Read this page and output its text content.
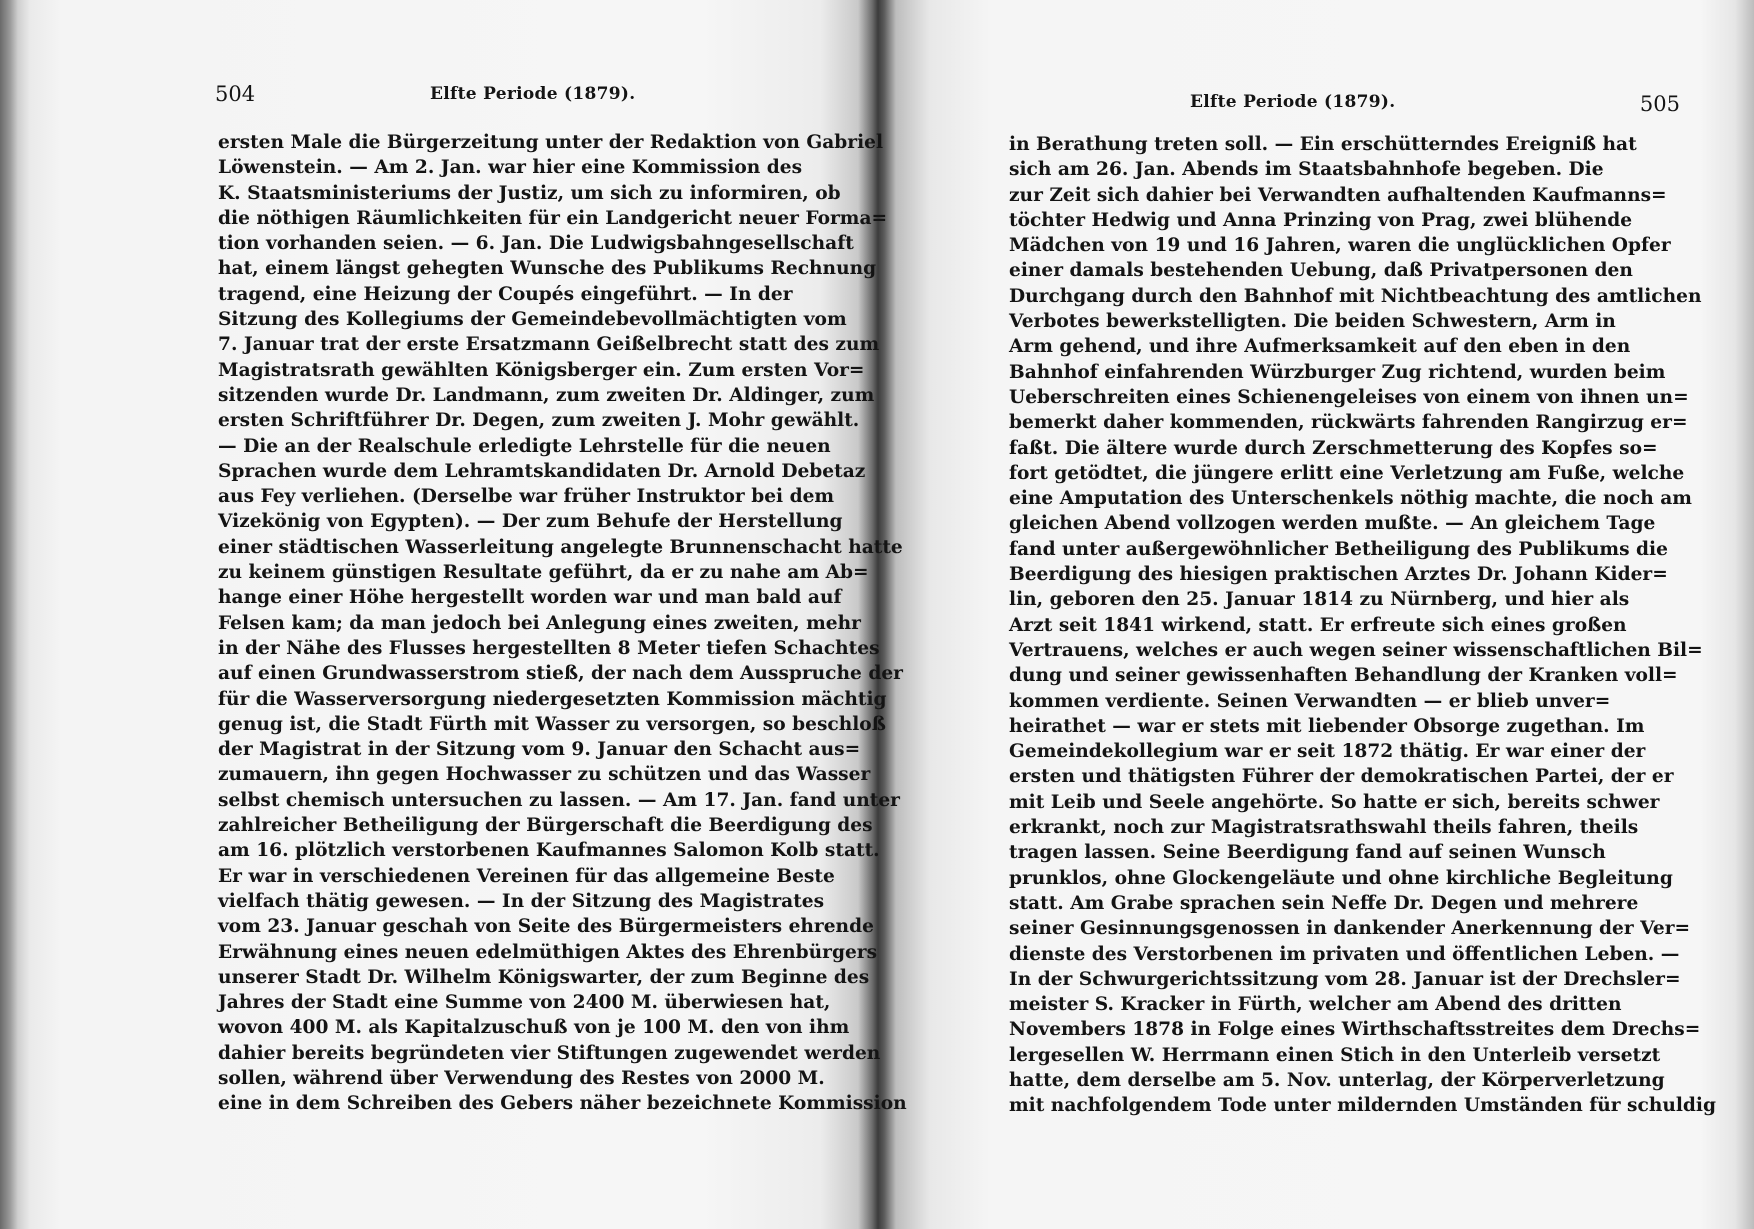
504	Elfte Periode (1879).
ersten Male die Bürgerzeitung unter der Redaktion von Gabriel
Löwenstein. — Am 2. Jan. war hier eine Kommission des
K. Staatsministeriums der Justiz, um sich zu informiren, ob
die nöthigen Räumlichkeiten für ein Landgericht neuer Forma=
tion vorhanden seien. — 6. Jan. Die Ludwigsbahngesellschaft
hat, einem längst gehegten Wunsche des Publikums Rechnung
tragend, eine Heizung der Coupés eingeführt. — In der
Sitzung des Kollegiums der Gemeindebevollmächtigten vom
7. Januar trat der erste Ersatzmann Geißelbrecht statt des zum
Magistratsrath gewählten Königsberger ein. Zum ersten Vor=
sitzenden wurde Dr. Landmann, zum zweiten Dr. Aldinger, zum
ersten Schriftführer Dr. Degen, zum zweiten J. Mohr gewählt.
— Die an der Realschule erledigte Lehrstelle für die neuen
Sprachen wurde dem Lehramtskandidaten Dr. Arnold Debetaz
aus Fey verliehen. (Derselbe war früher Instruktor bei dem
Vizekönig von Egypten). — Der zum Behufe der Herstellung
einer städtischen Wasserleitung angelegte Brunnenschacht hatte
zu keinem günstigen Resultate geführt, da er zu nahe am Ab=
hange einer Höhe hergestellt worden war und man bald auf
Felsen kam; da man jedoch bei Anlegung eines zweiten, mehr
in der Nähe des Flusses hergestellten 8 Meter tiefen Schachtes
auf einen Grundwasserstrom stieß, der nach dem Ausspruche der
für die Wasserversorgung niedergesetzten Kommission mächtig
genug ist, die Stadt Fürth mit Wasser zu versorgen, so beschloß
der Magistrat in der Sitzung vom 9. Januar den Schacht aus=
zumauern, ihn gegen Hochwasser zu schützen und das Wasser
selbst chemisch untersuchen zu lassen. — Am 17. Jan. fand unter
zahlreicher Betheiligung der Bürgerschaft die Beerdigung des
am 16. plötzlich verstorbenen Kaufmannes Salomon Kolb statt.
Er war in verschiedenen Vereinen für das allgemeine Beste
vielfach thätig gewesen. — In der Sitzung des Magistrates
vom 23. Januar geschah von Seite des Bürgermeisters ehrende
Erwähnung eines neuen edelmüthigen Aktes des Ehrenbürgers
unserer Stadt Dr. Wilhelm Königswarter, der zum Beginne des
Jahres der Stadt eine Summe von 2400 M. überwiesen hat,
wovon 400 M. als Kapitalzuschuß von je 100 M. den von ihm
dahier bereits begründeten vier Stiftungen zugewendet werden
sollen, während über Verwendung des Restes von 2000 M.
eine in dem Schreiben des Gebers näher bezeichnete Kommission
Elfte Periode (1879).	505
in Berathung treten soll. — Ein erschütterndes Ereigniß hat
sich am 26. Jan. Abends im Staatsbahnhofe begeben. Die
zur Zeit sich dahier bei Verwandten aufhaltenden Kaufmanns=
töchter Hedwig und Anna Prinzing von Prag, zwei blühende
Mädchen von 19 und 16 Jahren, waren die unglücklichen Opfer
einer damals bestehenden Uebung, daß Privatpersonen den
Durchgang durch den Bahnhof mit Nichtbeachtung des amtlichen
Verbotes bewerkstelligten. Die beiden Schwestern, Arm in
Arm gehend, und ihre Aufmerksamkeit auf den eben in den
Bahnhof einfahrenden Würzburger Zug richtend, wurden beim
Ueberschreiten eines Schienengeleises von einem von ihnen un=
bemerkt daher kommenden, rückwärts fahrenden Rangirzug er=
faßt. Die ältere wurde durch Zerschmetterung des Kopfes so=
fort getödtet, die jüngere erlitt eine Verletzung am Fuße, welche
eine Amputation des Unterschenkels nöthig machte, die noch am
gleichen Abend vollzogen werden mußte. — An gleichem Tage
fand unter außergewöhnlicher Betheiligung des Publikums die
Beerdigung des hiesigen praktischen Arztes Dr. Johann Kider=
lin, geboren den 25. Januar 1814 zu Nürnberg, und hier als
Arzt seit 1841 wirkend, statt. Er erfreute sich eines großen
Vertrauens, welches er auch wegen seiner wissenschaftlichen Bil=
dung und seiner gewissenhaften Behandlung der Kranken voll=
kommen verdiente. Seinen Verwandten — er blieb unver=
heirathet — war er stets mit liebender Obsorge zugethan. Im
Gemeindekollegium war er seit 1872 thätig. Er war einer der
ersten und thätigsten Führer der demokratischen Partei, der er
mit Leib und Seele angehörte. So hatte er sich, bereits schwer
erkrankt, noch zur Magistratsrathswahl theils fahren, theils
tragen lassen. Seine Beerdigung fand auf seinen Wunsch
prunklos, ohne Glockengeläute und ohne kirchliche Begleitung
statt. Am Grabe sprachen sein Neffe Dr. Degen und mehrere
seiner Gesinnungsgenossen in dankender Anerkennung der Ver=
dienste des Verstorbenen im privaten und öffentlichen Leben. —
In der Schwurgerichtssitzung vom 28. Januar ist der Drechsler=
meister S. Kracker in Fürth, welcher am Abend des dritten
Novembers 1878 in Folge eines Wirthschaftsstreites dem Drechs=
lergesellen W. Herrmann einen Stich in den Unterleib versetzt
hatte, dem derselbe am 5. Nov. unterlag, der Körperverletzung
mit nachfolgendem Tode unter mildernden Umständen für schuldig
